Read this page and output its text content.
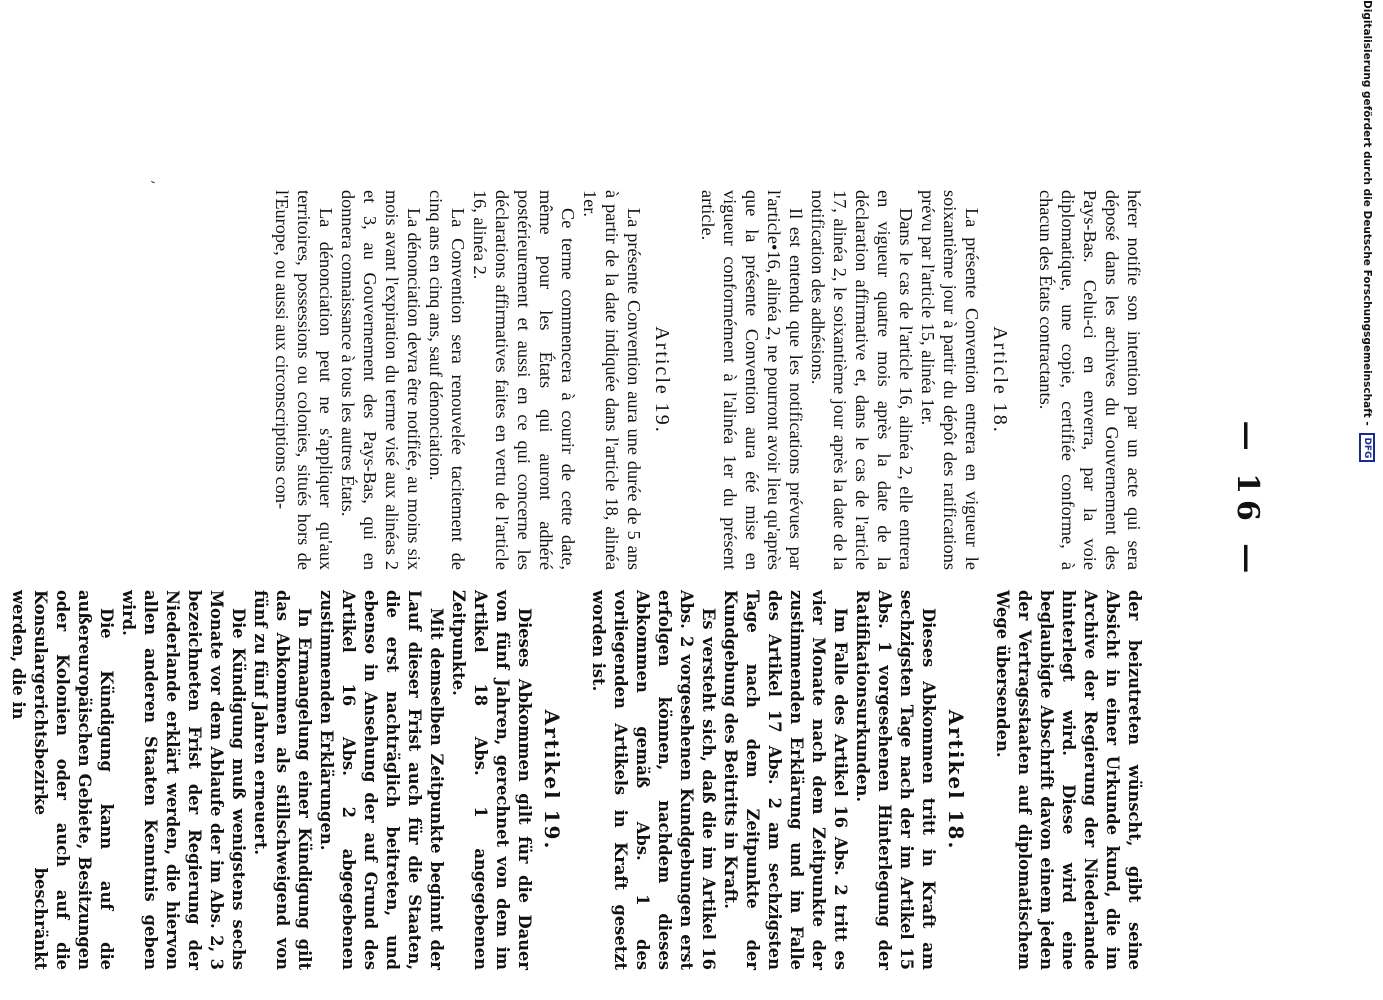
— 16 —

hérer notifie son intention par un acte qui sera déposé dans les archives du Gouvernement des Pays-Bas. Celui-ci en enverra, par la voie diplomatique, une copie, certifiée conforme, à chacun des États contractants.

Article 18.

La présente Convention entrera en vigueur le soixantième jour à partir du dépôt des ratifications prévu par l'article 15, alinéa 1er.

Dans le cas de l'article 16, alinéa 2, elle entrera en vigueur quatre mois après la date de la déclaration affirmative et, dans le cas de l'article 17, alinéa 2, le soixantième jour après la date de la notification des adhésions.

Il est entendu que les notifications prévues par l'article•16, alinéa 2, ne pourront avoir lieu qu'après que la présente Convention aura été mise en vigueur conformément à l'alinéa 1er du présent article.

Article 19.

La présente Convention aura une durée de 5 ans à partir de la date indiquée dans l'article 18, alinéa 1er.

Ce terme commencera à courir de cette date, même pour les États qui auront adhéré postérieurement et aussi en ce qui concerne les déclarations affirmatives faites en vertu de l'article 16, alinéa 2.

La Convention sera renouvelée tacitement de cinq ans en cinq ans, sauf dénonciation.

La dénonciation devra être notifiée, au moins six mois avant l'expiration du terme visé aux alinéas 2 et 3, au Gouvernement des Pays-Bas, qui en donnera connaissance à tous les autres États.

La dénonciation peut ne s'appliquer qu'aux territoires, possessions ou colonies, situés hors de l'Europe, ou aussi aux circonscriptions con-

der beizutreten wünscht, gibt seine Absicht in einer Urkunde kund, die im Archive der Regierung der Niederlande hinterlegt wird. Diese wird eine beglaubigte Abschrift davon einem jeden der Vertragsstaaten auf diplomatischem Wege übersenden.

Artikel 18.

Dieses Abkommen tritt in Kraft am sechzigsten Tage nach der im Artikel 15 Abs. 1 vorgesehenen Hinterlegung der Ratifikationsurkunden.

Im Falle des Artikel 16 Abs. 2 tritt es vier Monate nach dem Zeitpunkte der zustimmenden Erklärung und im Falle des Artikel 17 Abs. 2 am sechzigsten Tage nach dem Zeitpunkte der Kundgebung des Beitritts in Kraft.

Es versteht sich, daß die im Artikel 16 Abs. 2 vorgesehenen Kundgebungen erst erfolgen können, nachdem dieses Abkommen gemäß Abs. 1 des vorliegenden Artikels in Kraft gesetzt worden ist.

Artikel 19.

Dieses Abkommen gilt für die Dauer von fünf Jahren, gerechnet von dem im Artikel 18 Abs. 1 angegebenen Zeitpunkte.

Mit demselben Zeitpunkte beginnt der Lauf dieser Frist auch für die Staaten, die erst nachträglich beitreten, und ebenso in Ansehung der auf Grund des Artikel 16 Abs. 2 abgegebenen zustimmenden Erklärungen.

In Ermangelung einer Kündigung gilt das Abkommen als stillschweigend von fünf zu fünf Jahren erneuert.

Die Kündigung muß wenigstens sechs Monate vor dem Ablaufe der im Abs. 2, 3 bezeichneten Frist der Regierung der Niederlande erklärt werden, die hiervon allen anderen Staaten Kenntnis geben wird.

Die Kündigung kann auf die außereuropäischen Gebiete, Besitzungen oder Kolonien oder auch auf die Konsulargerichtsbezirke beschränkt werden, die in

‚	Digitalisierung gefördert durch die Deutsche Forschungsgemeinschaft - DFG
